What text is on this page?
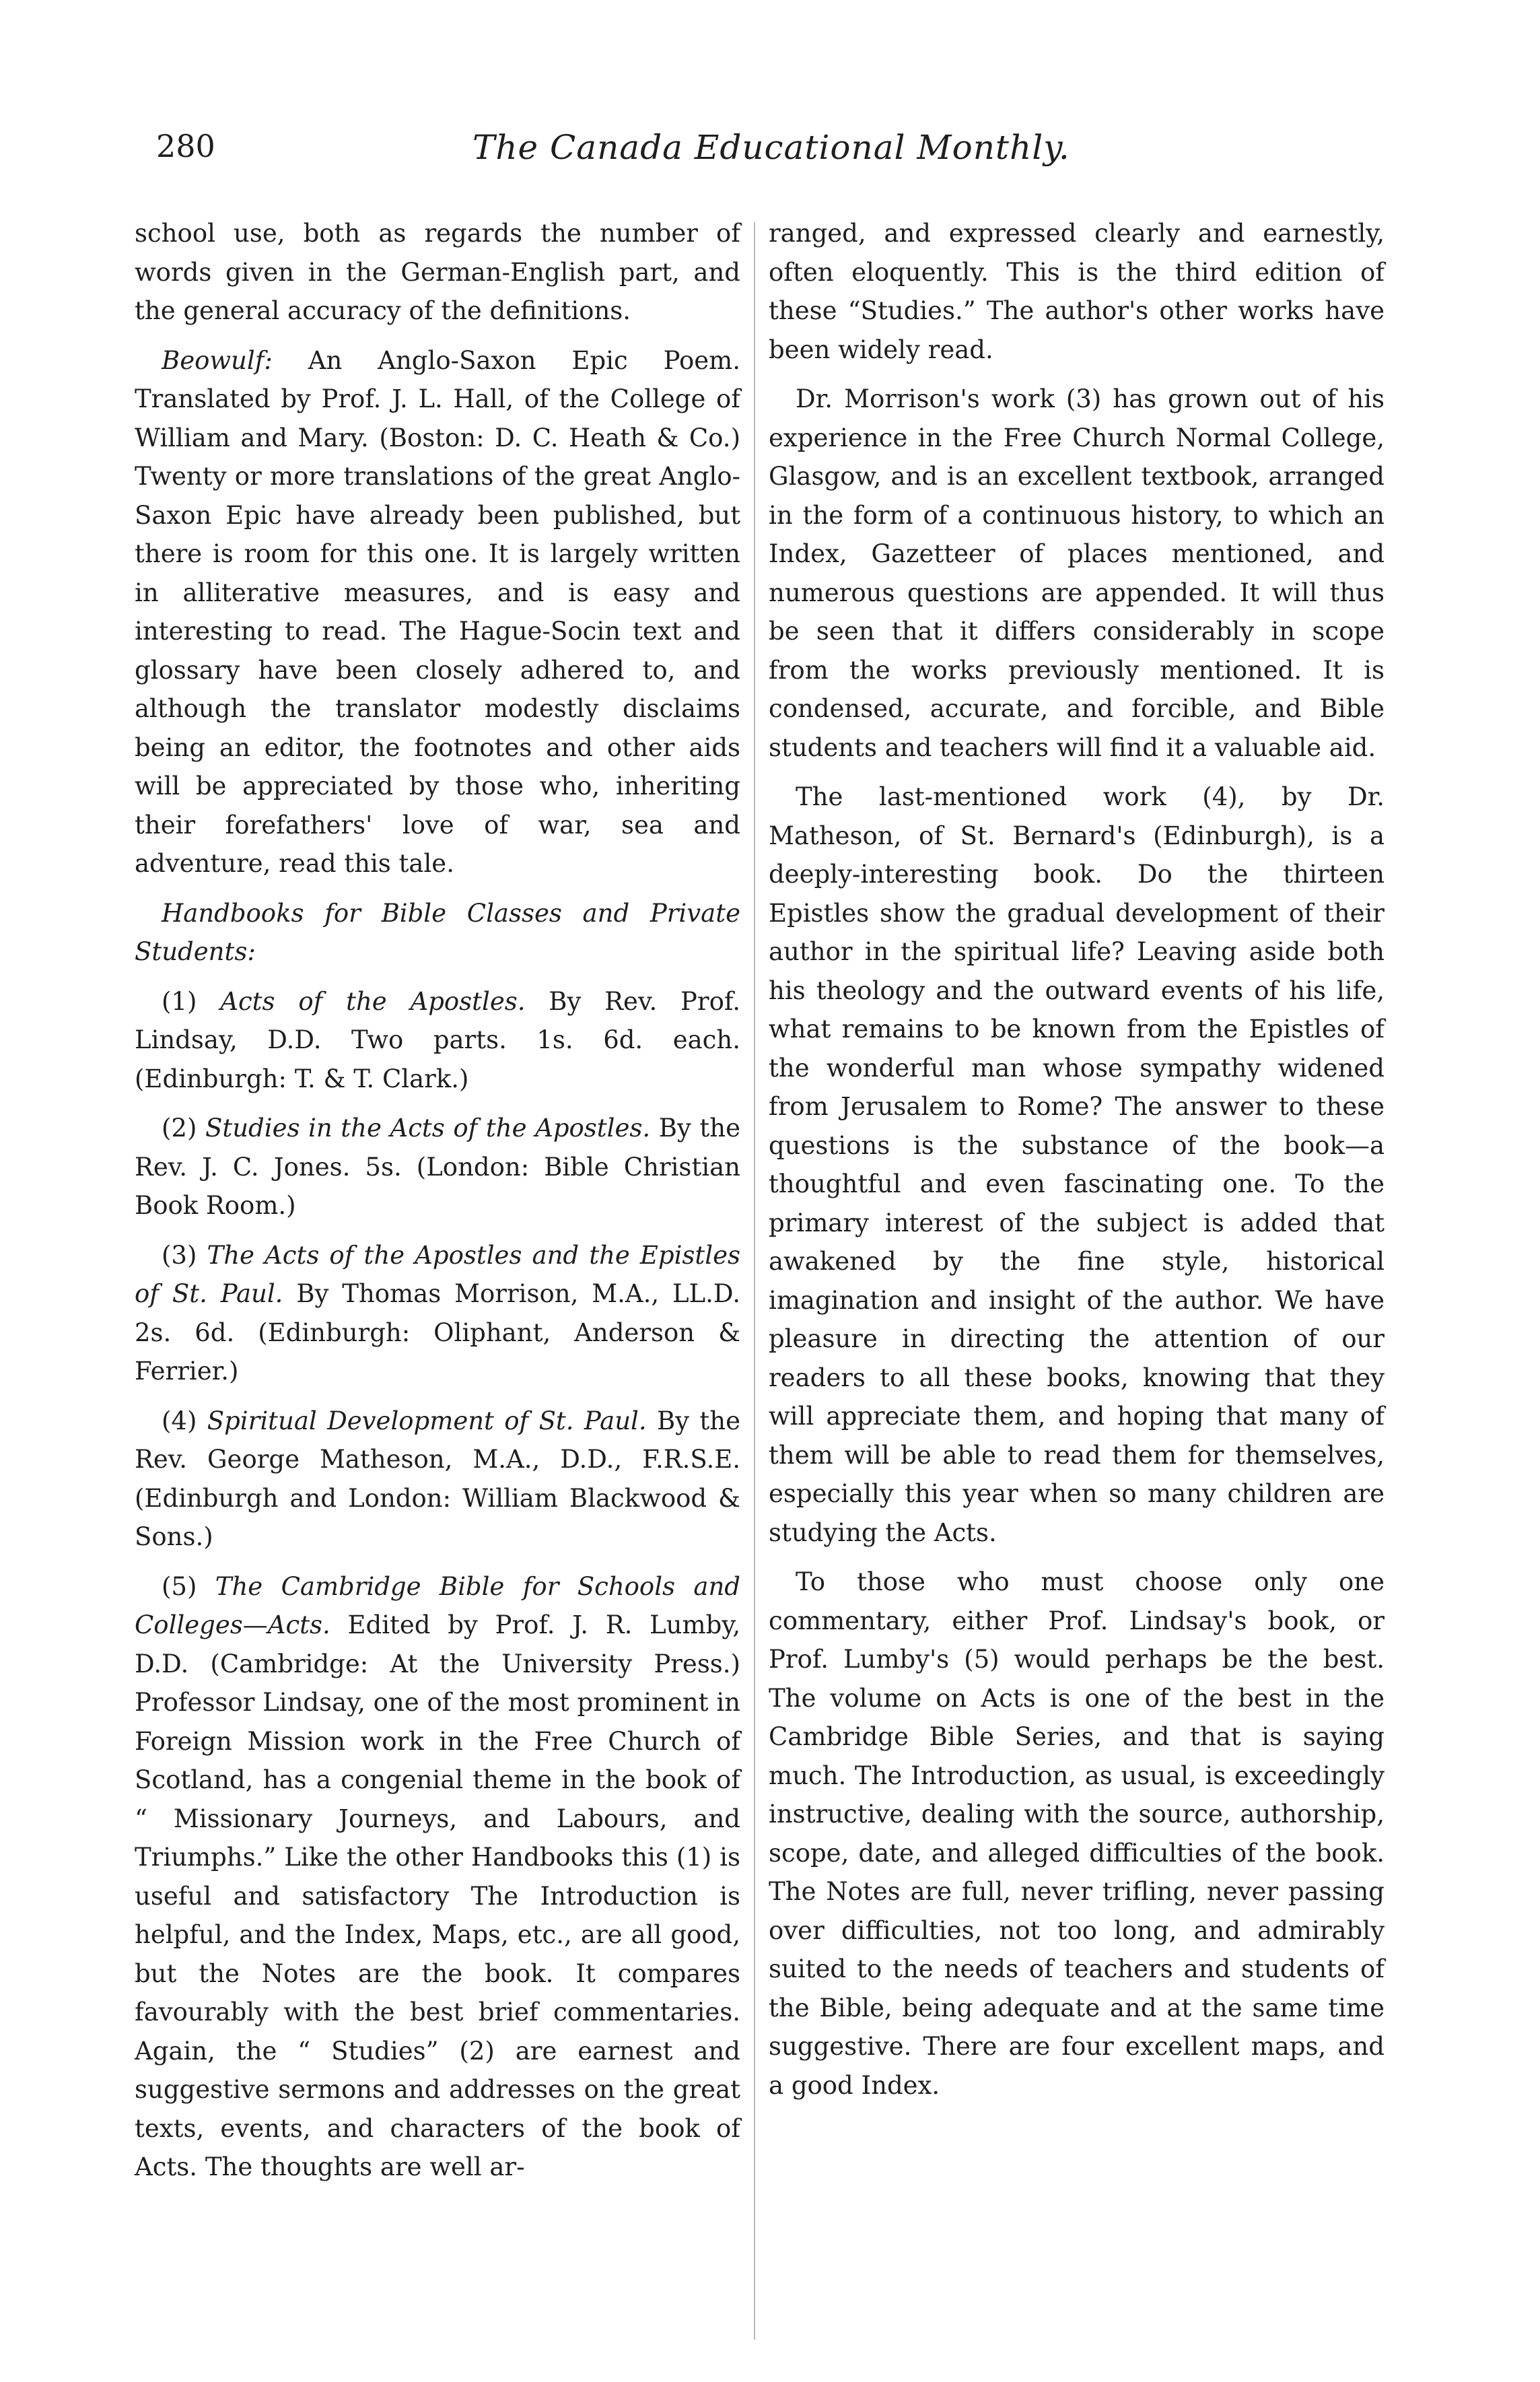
280	The Canada Educational Monthly.

school use, both as regards the number of words given in the German-English part, and the general accuracy of the definitions.

Beowulf: An Anglo-Saxon Epic Poem. Translated by Prof. J. L. Hall, of the College of William and Mary. (Boston: D. C. Heath & Co.) Twenty or more translations of the great Anglo-Saxon Epic have already been published, but there is room for this one. It is largely written in alliterative measures, and is easy and interesting to read. The Hague-Socin text and glossary have been closely adhered to, and although the translator modestly disclaims being an editor, the footnotes and other aids will be appreciated by those who, inheriting their forefathers' love of war, sea and adventure, read this tale.

Handbooks for Bible Classes and Private Students:

(1) Acts of the Apostles. By Rev. Prof. Lindsay, D.D. Two parts. 1s. 6d. each. (Edinburgh: T. & T. Clark.)

(2) Studies in the Acts of the Apostles. By the Rev. J. C. Jones. 5s. (London: Bible Christian Book Room.)

(3) The Acts of the Apostles and the Epistles of St. Paul. By Thomas Morrison, M.A., LL.D. 2s. 6d. (Edinburgh: Oliphant, Anderson & Ferrier.)

(4) Spiritual Development of St. Paul. By the Rev. George Matheson, M.A., D.D., F.R.S.E. (Edinburgh and London: William Blackwood & Sons.)

(5) The Cambridge Bible for Schools and Colleges—Acts. Edited by Prof. J. R. Lumby, D.D. (Cambridge: At the University Press.) Professor Lindsay, one of the most prominent in Foreign Mission work in the Free Church of Scotland, has a congenial theme in the book of “ Missionary Journeys, and Labours, and Triumphs.” Like the other Handbooks this (1) is useful and satisfactory The Introduction is helpful, and the Index, Maps, etc., are all good, but the Notes are the book. It compares favourably with the best brief commentaries. Again, the “ Studies” (2) are earnest and suggestive sermons and addresses on the great texts, events, and characters of the book of Acts. The thoughts are well ar-

ranged, and expressed clearly and earnestly, often eloquently. This is the third edition of these “Studies.” The author's other works have been widely read.

Dr. Morrison's work (3) has grown out of his experience in the Free Church Normal College, Glasgow, and is an excellent textbook, arranged in the form of a continuous history, to which an Index, Gazetteer of places mentioned, and numerous questions are appended. It will thus be seen that it differs considerably in scope from the works previously mentioned. It is condensed, accurate, and forcible, and Bible students and teachers will find it a valuable aid.

The last-mentioned work (4), by Dr. Matheson, of St. Bernard's (Edinburgh), is a deeply-interesting book. Do the thirteen Epistles show the gradual development of their author in the spiritual life? Leaving aside both his theology and the outward events of his life, what remains to be known from the Epistles of the wonderful man whose sympathy widened from Jerusalem to Rome? The answer to these questions is the substance of the book—a thoughtful and even fascinating one. To the primary interest of the subject is added that awakened by the fine style, historical imagination and insight of the author. We have pleasure in directing the attention of our readers to all these books, knowing that they will appreciate them, and hoping that many of them will be able to read them for themselves, especially this year when so many children are studying the Acts.

To those who must choose only one commentary, either Prof. Lindsay's book, or Prof. Lumby's (5) would perhaps be the best. The volume on Acts is one of the best in the Cambridge Bible Series, and that is saying much. The Introduction, as usual, is exceedingly instructive, dealing with the source, authorship, scope, date, and alleged difficulties of the book. The Notes are full, never trifling, never passing over difficulties, not too long, and admirably suited to the needs of teachers and students of the Bible, being adequate and at the same time suggestive. There are four excellent maps, and a good Index.
